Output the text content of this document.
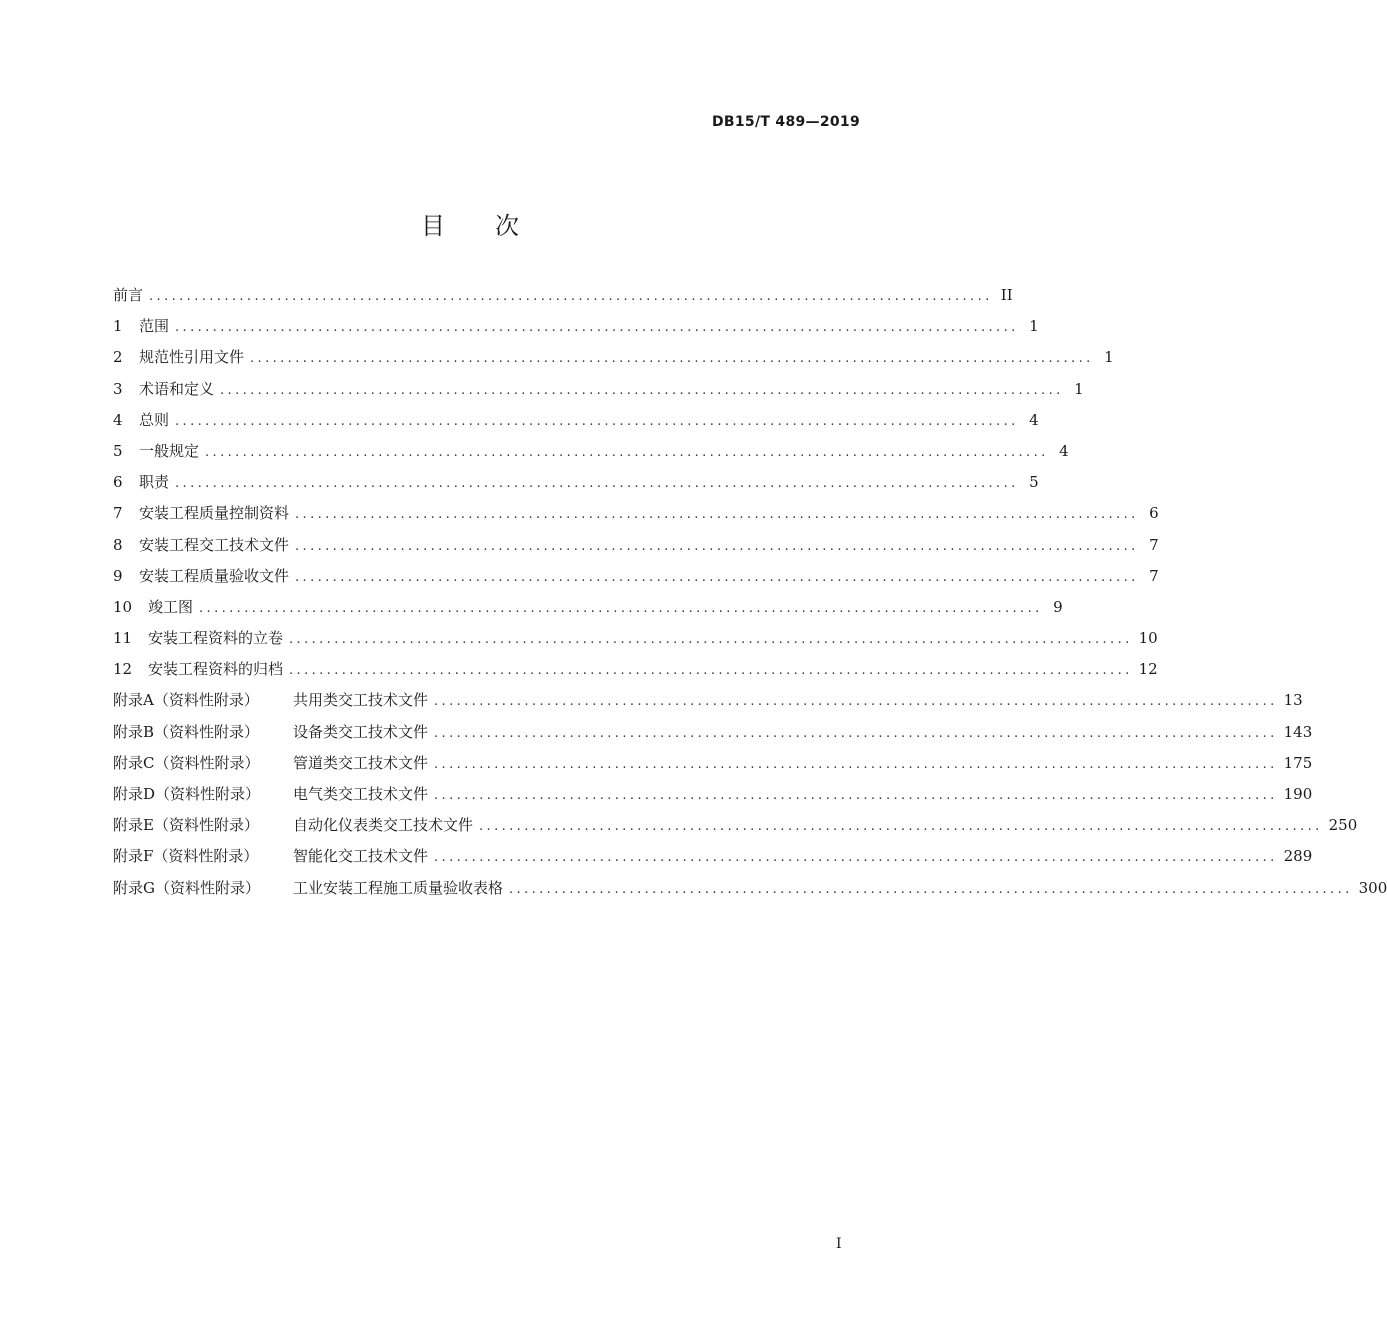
DB15/T 489—2019
目次
前言 ................................................................................................................ II
1	范围 ................................................................................................................ 1
2	规范性引用文件 ................................................................................................................ 1
3	术语和定义 ................................................................................................................ 1
4	总则 ................................................................................................................ 4
5	一般规定 ................................................................................................................ 4
6	职责 ................................................................................................................ 5
7	安装工程质量控制资料 ................................................................................................................ 6
8	安装工程交工技术文件 ................................................................................................................ 7
9	安装工程质量验收文件 ................................................................................................................ 7
10	竣工图 ................................................................................................................ 9
11	安装工程资料的立卷 ................................................................................................................ 10
12	安装工程资料的归档 ................................................................................................................ 12
附录A（资料性附录）	共用类交工技术文件 ................................................................................................................ 13
附录B（资料性附录）	设备类交工技术文件 ................................................................................................................ 143
附录C（资料性附录）	管道类交工技术文件 ................................................................................................................ 175
附录D（资料性附录）	电气类交工技术文件 ................................................................................................................ 190
附录E（资料性附录）	自动化仪表类交工技术文件 ................................................................................................................ 250
附录F（资料性附录）	智能化交工技术文件 ................................................................................................................ 289
附录G（资料性附录）	工业安装工程施工质量验收表格 ................................................................................................................ 300
I
